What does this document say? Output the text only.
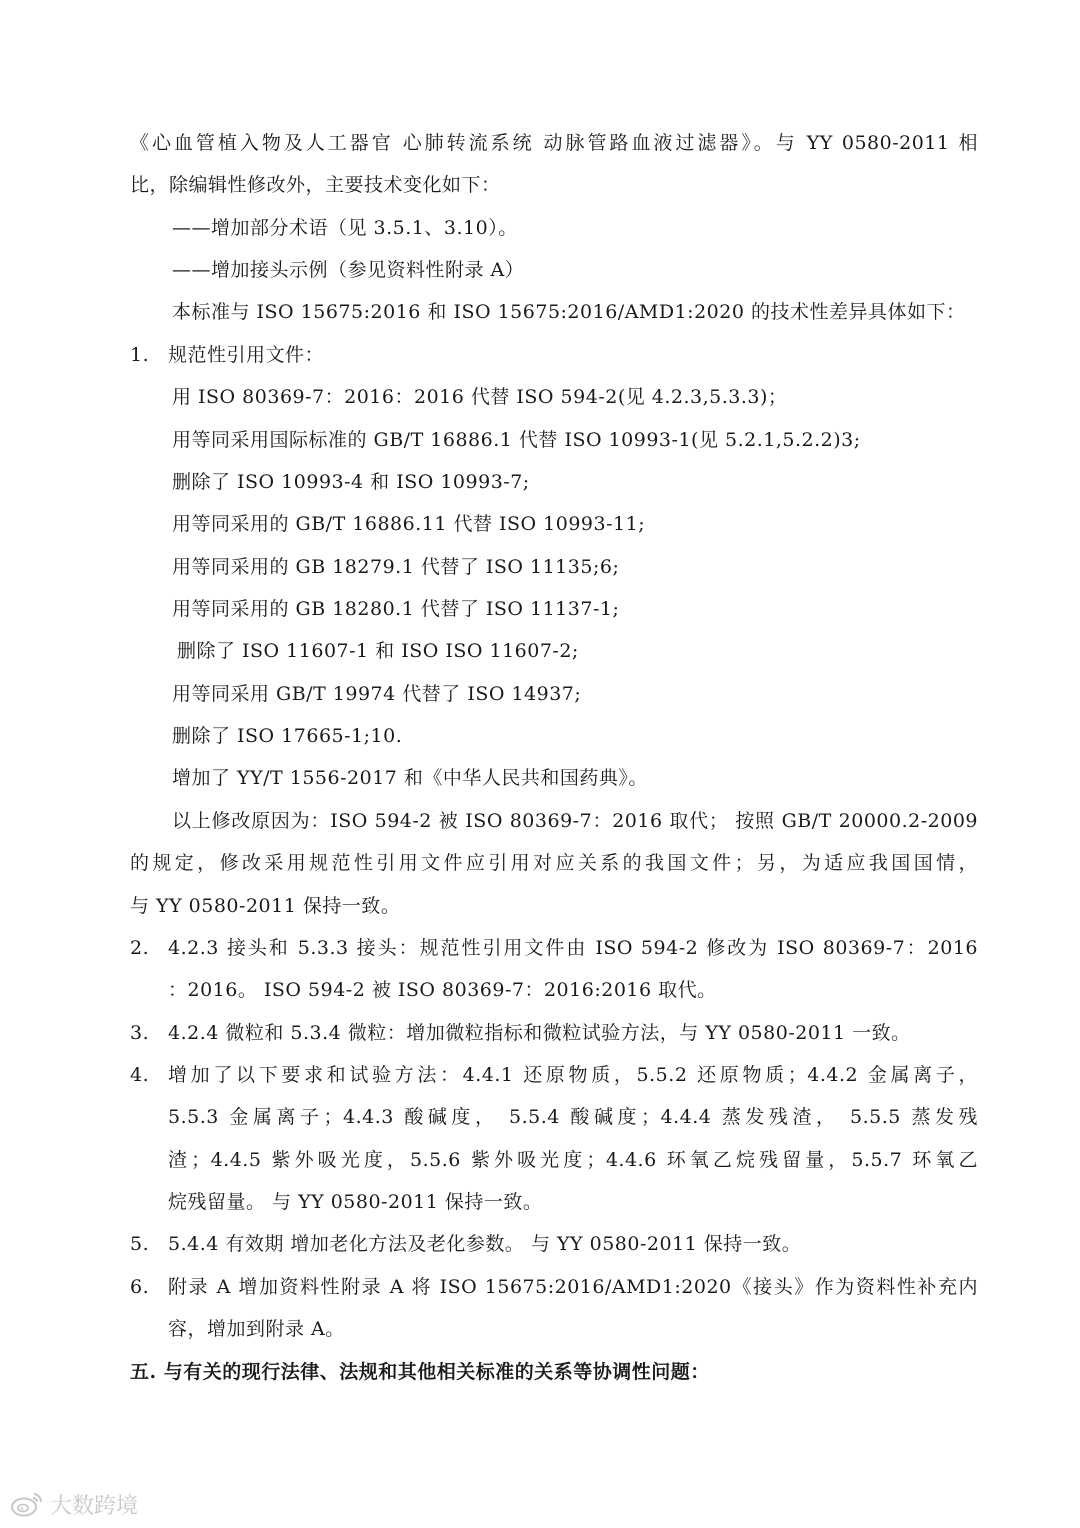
《心血管植入物及人工器官 心肺转流系统 动脉管路血液过滤器》。与 YY 0580-2011 相
比，除编辑性修改外，主要技术变化如下：
——增加部分术语（见 3.5.1、3.10）。
——增加接头示例（参见资料性附录 A）
本标准与 ISO 15675:2016 和 ISO 15675:2016/AMD1:2020 的技术性差异具体如下：
1. 规范性引用文件：
用 ISO 80369-7：2016：2016 代替 ISO 594-2(见 4.2.3,5.3.3)；
用等同采用国际标准的 GB/T 16886.1 代替 ISO 10993-1(见 5.2.1,5.2.2)3;
删除了 ISO 10993-4 和 ISO 10993-7;
用等同采用的 GB/T 16886.11 代替 ISO 10993-11;
用等同采用的 GB 18279.1 代替了 ISO 11135;6;
用等同采用的 GB 18280.1 代替了 ISO 11137-1;
删除了 ISO 11607-1 和 ISO ISO 11607-2;
用等同采用 GB/T 19974 代替了 ISO 14937;
删除了 ISO 17665-1;10.
增加了 YY/T 1556-2017 和《中华人民共和国药典》。
以上修改原因为：ISO 594-2 被 ISO 80369-7：2016 取代； 按照 GB/T 20000.2-2009
的规定，修改采用规范性引用文件应引用对应关系的我国文件；另，为适应我国国情，
与 YY 0580-2011 保持一致。
2. 4.2.3 接头和 5.3.3 接头：规范性引用文件由 ISO 594-2 修改为 ISO 80369-7：2016
：2016。 ISO 594-2 被 ISO 80369-7：2016:2016 取代。
3. 4.2.4 微粒和 5.3.4 微粒：增加微粒指标和微粒试验方法，与 YY 0580-2011 一致。
4. 增加了以下要求和试验方法：4.4.1 还原物质，5.5.2 还原物质；4.4.2 金属离子，
5.5.3 金属离子；4.4.3 酸碱度， 5.5.4 酸碱度；4.4.4 蒸发残渣， 5.5.5 蒸发残
渣；4.4.5 紫外吸光度，5.5.6 紫外吸光度；4.4.6 环氧乙烷残留量，5.5.7 环氧乙
烷残留量。 与 YY 0580-2011 保持一致。
5. 5.4.4 有效期 增加老化方法及老化参数。 与 YY 0580-2011 保持一致。
6. 附录 A 增加资料性附录 A 将 ISO 15675:2016/AMD1:2020《接头》作为资料性补充内
容，增加到附录 A。
五. 与有关的现行法律、法规和其他相关标准的关系等协调性问题：
大数跨境
